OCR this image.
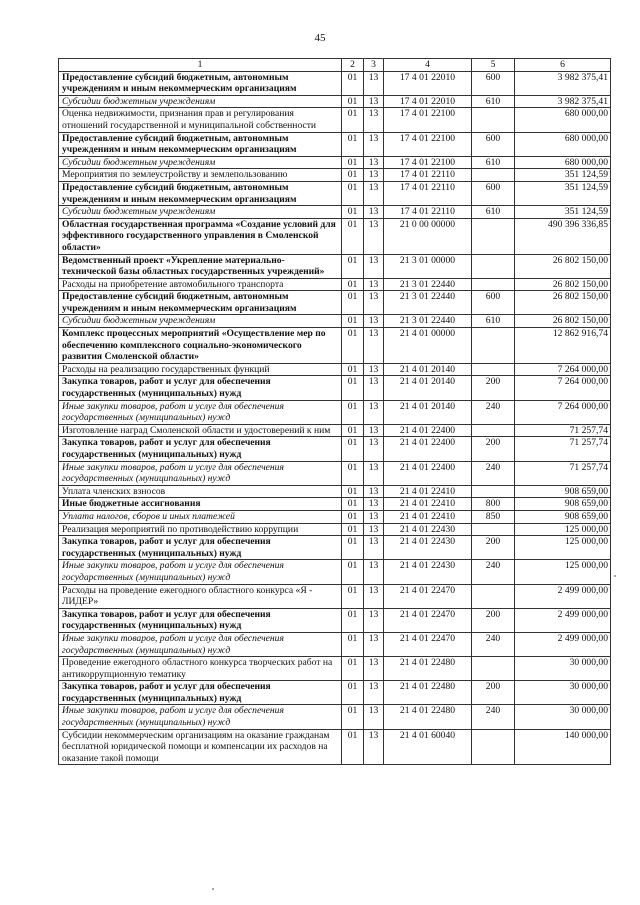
45
1	2	3	4	5	6
Предоставление субсидий бюджетным, автономным учреждениям и иным некоммерческим организациям	01	13	17 4 01 22010	600	3 982 375,41
Субсидии бюджетным учреждениям	01	13	17 4 01 22010	610	3 982 375,41
Оценка недвижимости, признания прав и регулирования отношений государственной и муниципальной собственности	01	13	17 4 01 22100		680 000,00
Предоставление субсидий бюджетным, автономным учреждениям и иным некоммерческим организациям	01	13	17 4 01 22100	600	680 000,00
Субсидии бюджетным учреждениям	01	13	17 4 01 22100	610	680 000,00
Мероприятия по землеустройству и землепользованию	01	13	17 4 01 22110		351 124,59
Предоставление субсидий бюджетным, автономным учреждениям и иным некоммерческим организациям	01	13	17 4 01 22110	600	351 124,59
Субсидии бюджетным учреждениям	01	13	17 4 01 22110	610	351 124,59
Областная государственная программа «Создание условий для эффективного государственного управления в Смоленской области»	01	13	21 0 00 00000		490 396 336,85
Ведомственный проект «Укрепление материально-технической базы областных государственных учреждений»	01	13	21 3 01 00000		26 802 150,00
Расходы на приобретение автомобильного транспорта	01	13	21 3 01 22440		26 802 150,00
Предоставление субсидий бюджетным, автономным учреждениям и иным некоммерческим организациям	01	13	21 3 01 22440	600	26 802 150,00
Субсидии бюджетным учреждениям	01	13	21 3 01 22440	610	26 802 150,00
Комплекс процессных мероприятий «Осуществление мер по обеспечению комплексного социально-экономического развития Смоленской области»	01	13	21 4 01 00000		12 862 916,74
Расходы на реализацию государственных функций	01	13	21 4 01 20140		7 264 000,00
Закупка товаров, работ и услуг для обеспечения государственных (муниципальных) нужд	01	13	21 4 01 20140	200	7 264 000,00
Иные закупки товаров, работ и услуг для обеспечения государственных (муниципальных) нужд	01	13	21 4 01 20140	240	7 264 000,00
Изготовление наград Смоленской области и удостоверений к ним	01	13	21 4 01 22400		71 257,74
Закупка товаров, работ и услуг для обеспечения государственных (муниципальных) нужд	01	13	21 4 01 22400	200	71 257,74
Иные закупки товаров, работ и услуг для обеспечения государственных (муниципальных) нужд	01	13	21 4 01 22400	240	71 257,74
Уплата членских взносов	01	13	21 4 01 22410		908 659,00
Иные бюджетные ассигнования	01	13	21 4 01 22410	800	908 659,00
Уплата налогов, сборов и иных платежей	01	13	21 4 01 22410	850	908 659,00
Реализация мероприятий по противодействию коррупции	01	13	21 4 01 22430		125 000,00
Закупка товаров, работ и услуг для обеспечения государственных (муниципальных) нужд	01	13	21 4 01 22430	200	125 000,00
Иные закупки товаров, работ и услуг для обеспечения государственных (муниципальных) нужд	01	13	21 4 01 22430	240	125 000,00
Расходы на проведение ежегодного областного конкурса «Я - ЛИДЕР»	01	13	21 4 01 22470		2 499 000,00
Закупка товаров, работ и услуг для обеспечения государственных (муниципальных) нужд	01	13	21 4 01 22470	200	2 499 000,00
Иные закупки товаров, работ и услуг для обеспечения государственных (муниципальных) нужд	01	13	21 4 01 22470	240	2 499 000,00
Проведение ежегодного областного конкурса творческих работ на антикоррупционную тематику	01	13	21 4 01 22480		30 000,00
Закупка товаров, работ и услуг для обеспечения государственных (муниципальных) нужд	01	13	21 4 01 22480	200	30 000,00
Иные закупки товаров, работ и услуг для обеспечения государственных (муниципальных) нужд	01	13	21 4 01 22480	240	30 000,00
Субсидии некоммерческим организациям на оказание гражданам бесплатной юридической помощи и компенсации их расходов на оказание такой помощи	01	13	21 4 01 60040		140 000,00
